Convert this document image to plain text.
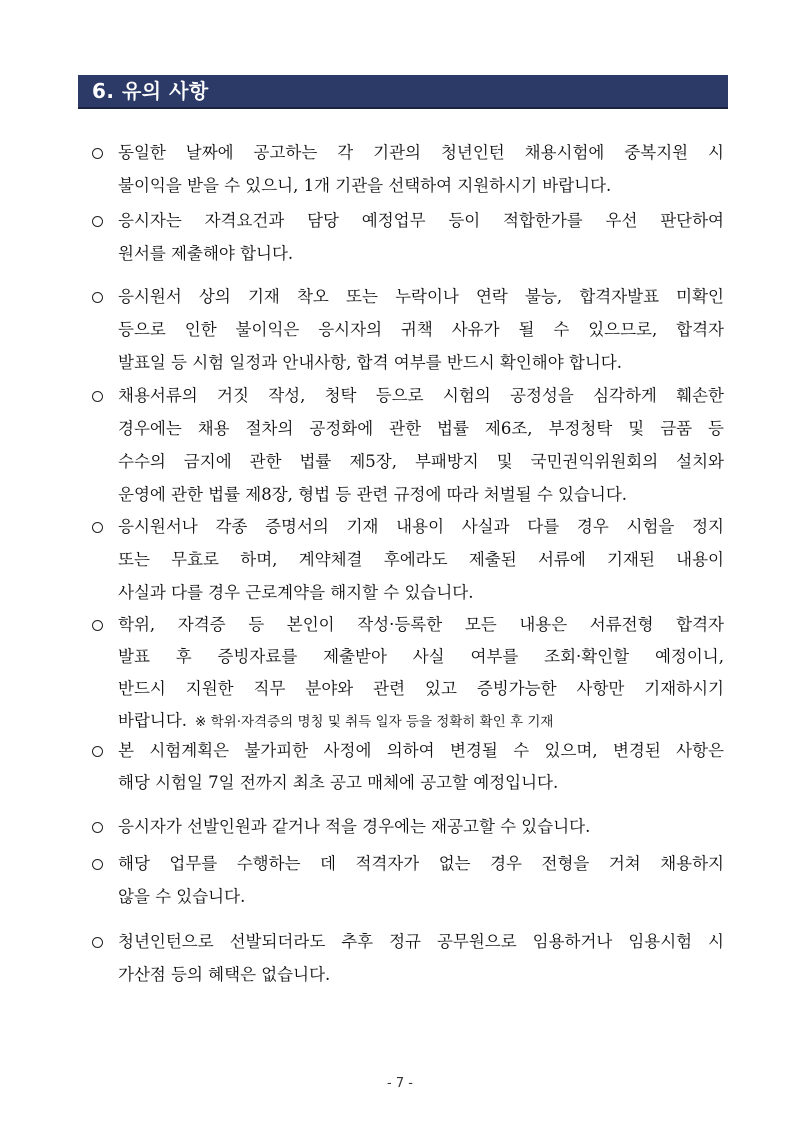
6. 유의 사항
동일한 날짜에 공고하는 각 기관의 청년인턴 채용시험에 중복지원 시
불이익을 받을 수 있으니, 1개 기관을 선택하여 지원하시기 바랍니다.
응시자는 자격요건과 담당 예정업무 등이 적합한가를 우선 판단하여
원서를 제출해야 합니다.
응시원서 상의 기재 착오 또는 누락이나 연락 불능, 합격자발표 미확인
등으로 인한 불이익은 응시자의 귀책 사유가 될 수 있으므로, 합격자
발표일 등 시험 일정과 안내사항, 합격 여부를 반드시 확인해야 합니다.
채용서류의 거짓 작성, 청탁 등으로 시험의 공정성을 심각하게 훼손한
경우에는 채용 절차의 공정화에 관한 법률 제6조, 부정청탁 및 금품 등
수수의 금지에 관한 법률 제5장, 부패방지 및 국민권익위원회의 설치와
운영에 관한 법률 제8장, 형법 등 관련 규정에 따라 처벌될 수 있습니다.
응시원서나 각종 증명서의 기재 내용이 사실과 다를 경우 시험을 정지
또는 무효로 하며, 계약체결 후에라도 제출된 서류에 기재된 내용이
사실과 다를 경우 근로계약을 해지할 수 있습니다.
학위, 자격증 등 본인이 작성·등록한 모든 내용은 서류전형 합격자
발표 후 증빙자료를 제출받아 사실 여부를 조회·확인할 예정이니,
반드시 지원한 직무 분야와 관련 있고 증빙가능한 사항만 기재하시기
바랍니다. ※ 학위·자격증의 명칭 및 취득 일자 등을 정확히 확인 후 기재
본 시험계획은 불가피한 사정에 의하여 변경될 수 있으며, 변경된 사항은
해당 시험일 7일 전까지 최초 공고 매체에 공고할 예정입니다.
응시자가 선발인원과 같거나 적을 경우에는 재공고할 수 있습니다.
해당 업무를 수행하는 데 적격자가 없는 경우 전형을 거쳐 채용하지
않을 수 있습니다.
청년인턴으로 선발되더라도 추후 정규 공무원으로 임용하거나 임용시험 시
가산점 등의 혜택은 없습니다.
- 7 -
